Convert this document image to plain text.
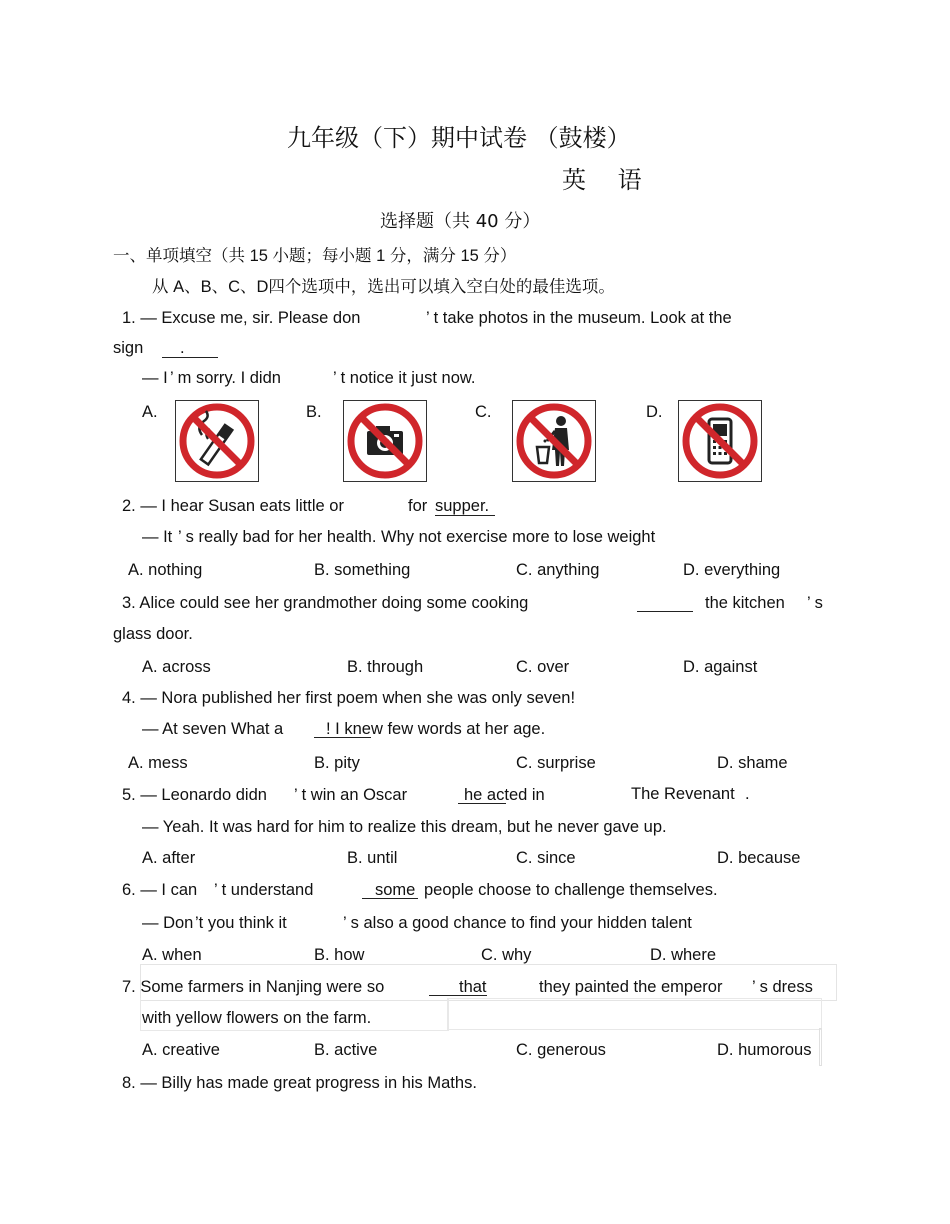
九年级（下）期中试卷 （鼓楼）
英　 语
选择题（共 40 分）
一、单项填空（共 15 小题；每小题 1 分，满分 15 分）
从 A、B、C、D四个选项中，选出可以填入空白处的最佳选项。
1. — Excuse me, sir. Please don	’ t take photos in the museum. Look at the
sign .
— I ’ m sorry. I didn	’ t notice it just now.
A.	B.	C.	D.
2. — I hear Susan eats little or	for supper.
— It ’ s really bad for her health. Why not exercise more to lose weight
A. nothing	B. something	C. anything	D. everything
3. Alice could see her grandmother doing some cooking	the kitchen ’ s
glass door.
A. across	B. through	C. over	D. against
4. — Nora published her first poem when she was only seven!
— At seven What a	! I knew few words at her age.
A. mess	B. pity	C. surprise	D. shame
5. — Leonardo didn ’ t win an Oscar	he acted in	The Revenant .
— Yeah. It was hard for him to realize this dream, but he never gave up.
A. after	B. until	C. since	D. because
6. — I can ’ t understand	some people choose to challenge themselves.
— Don ’t you think it	’ s also a good chance to find your hidden talent
A. when	B. how	C. why	D. where
7. Some farmers in Nanjing were so	that	they painted the emperor ’ s dress
with yellow flowers on the farm.
A. creative	B. active	C. generous	D. humorous
8. — Billy has made great progress in his Maths.
